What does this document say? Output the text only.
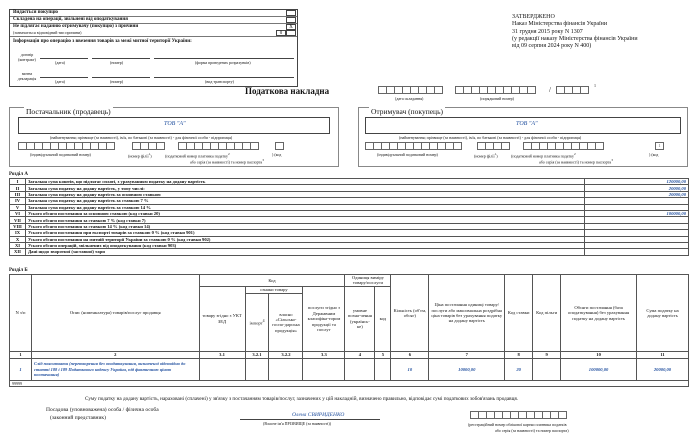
Видається покупцю
Складена на операції, звільнені від оподаткування
Не підлягає наданню отримувачу (покупцю) з причини
(зазначається відповідний тип причини)
Х
0
Інформація про операцію з ввезення товарів за межі митної території України:
договір (контракт)
(дата)	(номер)	(форма проведених розрахунків)
митна декларація
(дата)	(номер)	(вид транспорту)
ЗАТВЕРДЖЕНО
Наказ Міністерства фінансів України
31 грудня 2015 року N 1307
(у редакції наказу Міністерства фінансів України
від 09 серпня 2024 року N 400)
Податкова накладна
(дата складання)
/
1
(порядковий номер)
Постачальник (продавець)
ТОВ "А"
(найменування; прізвище (за наявності), ім'я, по батькові (за наявності) - для фізичної особи - підприємця)
(індивідуальний податковий номер)	(номер філії$^1$)	(податковий номер платника податку$^2$
або серія (за наявності) та номер паспорта$^3$
) (код
Отримувач (покупець)
ТОВ "А"
(найменування; прізвище (за наявності), ім'я, по батькові (за наявності) - для фізичної особи - підприємця)
1
(індивідуальний податковий номер)	(номер філії$^1$)	(податковий номер платника податку$^2$
або серія (за наявності) та номер паспорта$^3$
) (код
Розділ А
I	Загальна сума коштів, що підлягає сплаті, з урахуванням податку на додану вартість	120000,00
II	Загальна сума податку на додану вартість, у тому числі:	20000,00
III	Загальна сума податку на додану вартість за основною ставкою	20000,00
IV	Загальна сума податку на додану вартість за ставкою 7 %	
V	Загальна сума податку на додану вартість за ставкою 14 %	
VI	Усього обсяги постачання за основною ставкою (код ставки 20)	100000,00
VII	Усього обсяги постачання за ставкою 7 % (код ставки 7)	
VIII	Усього обсяги постачання за ставкою 14 % (код ставки 14)	
IX	Усього обсяги постачання при експорті товарів за ставкою 0 % (код ставки 901)	
X	Усього обсяги постачання на митній території України за ставкою 0 % (код ставки 902)	
XI	Усього обсяги операцій, звільнених від оподаткування (код ставки 903)	
XII	Дані щодо зворотної (заставної) тари	
Розділ Б
N з/п	Опис (номенклатура) товарів/послуг продавця	Код				Одиниця виміру товару/послуги		Кількість (об'єм, обсяг)	Ціна постачання одиниці товару/послуги або максимальна роздрібна ціна товарів без урахування податку на додану вартість	Код ставки	Код пільги	Обсяги постачання (база оподаткування) без урахування податку на додану вартість	Сума податку на додану вартість
		товару згідно з УКТ ЗЕД	ознаки товару		послуги згідно з Державним класифіка-тором продукції та послуг	умовне позна-чення (українсь-ке)	код						
			імпорт$^4$	власно «Сільсько-госпо-дарська продукція»									
1	2	3.1	3.2.1	3.2.2	3.3	4	5	6	7	8	9	10	11
1	Слід пояснювати (перетворення без оподаткування, визначеної відповідно до статті 188 і 189 Податкового кодексу України, під фактичною ціною постачання)							10	10000,00	20		100000,00	20000,00
99999													
Суму податку на додану вартість, нараховані (сплачені) у зв'язку з постачанням товарів/послуг, зазначених у цій накладній, визначено правильно, відповідає сумі податкових зобов'язань продавця.
Посадова (уповноважена) особа / фізична особа
(законний представник)	Олена СВИРИДЕНКО
(Власне ім'я ПРІЗВИЩЕ (за наявності))	(реєстраційний номер облікової картки платника податків
або серія (за наявності) та номер паспорта)
